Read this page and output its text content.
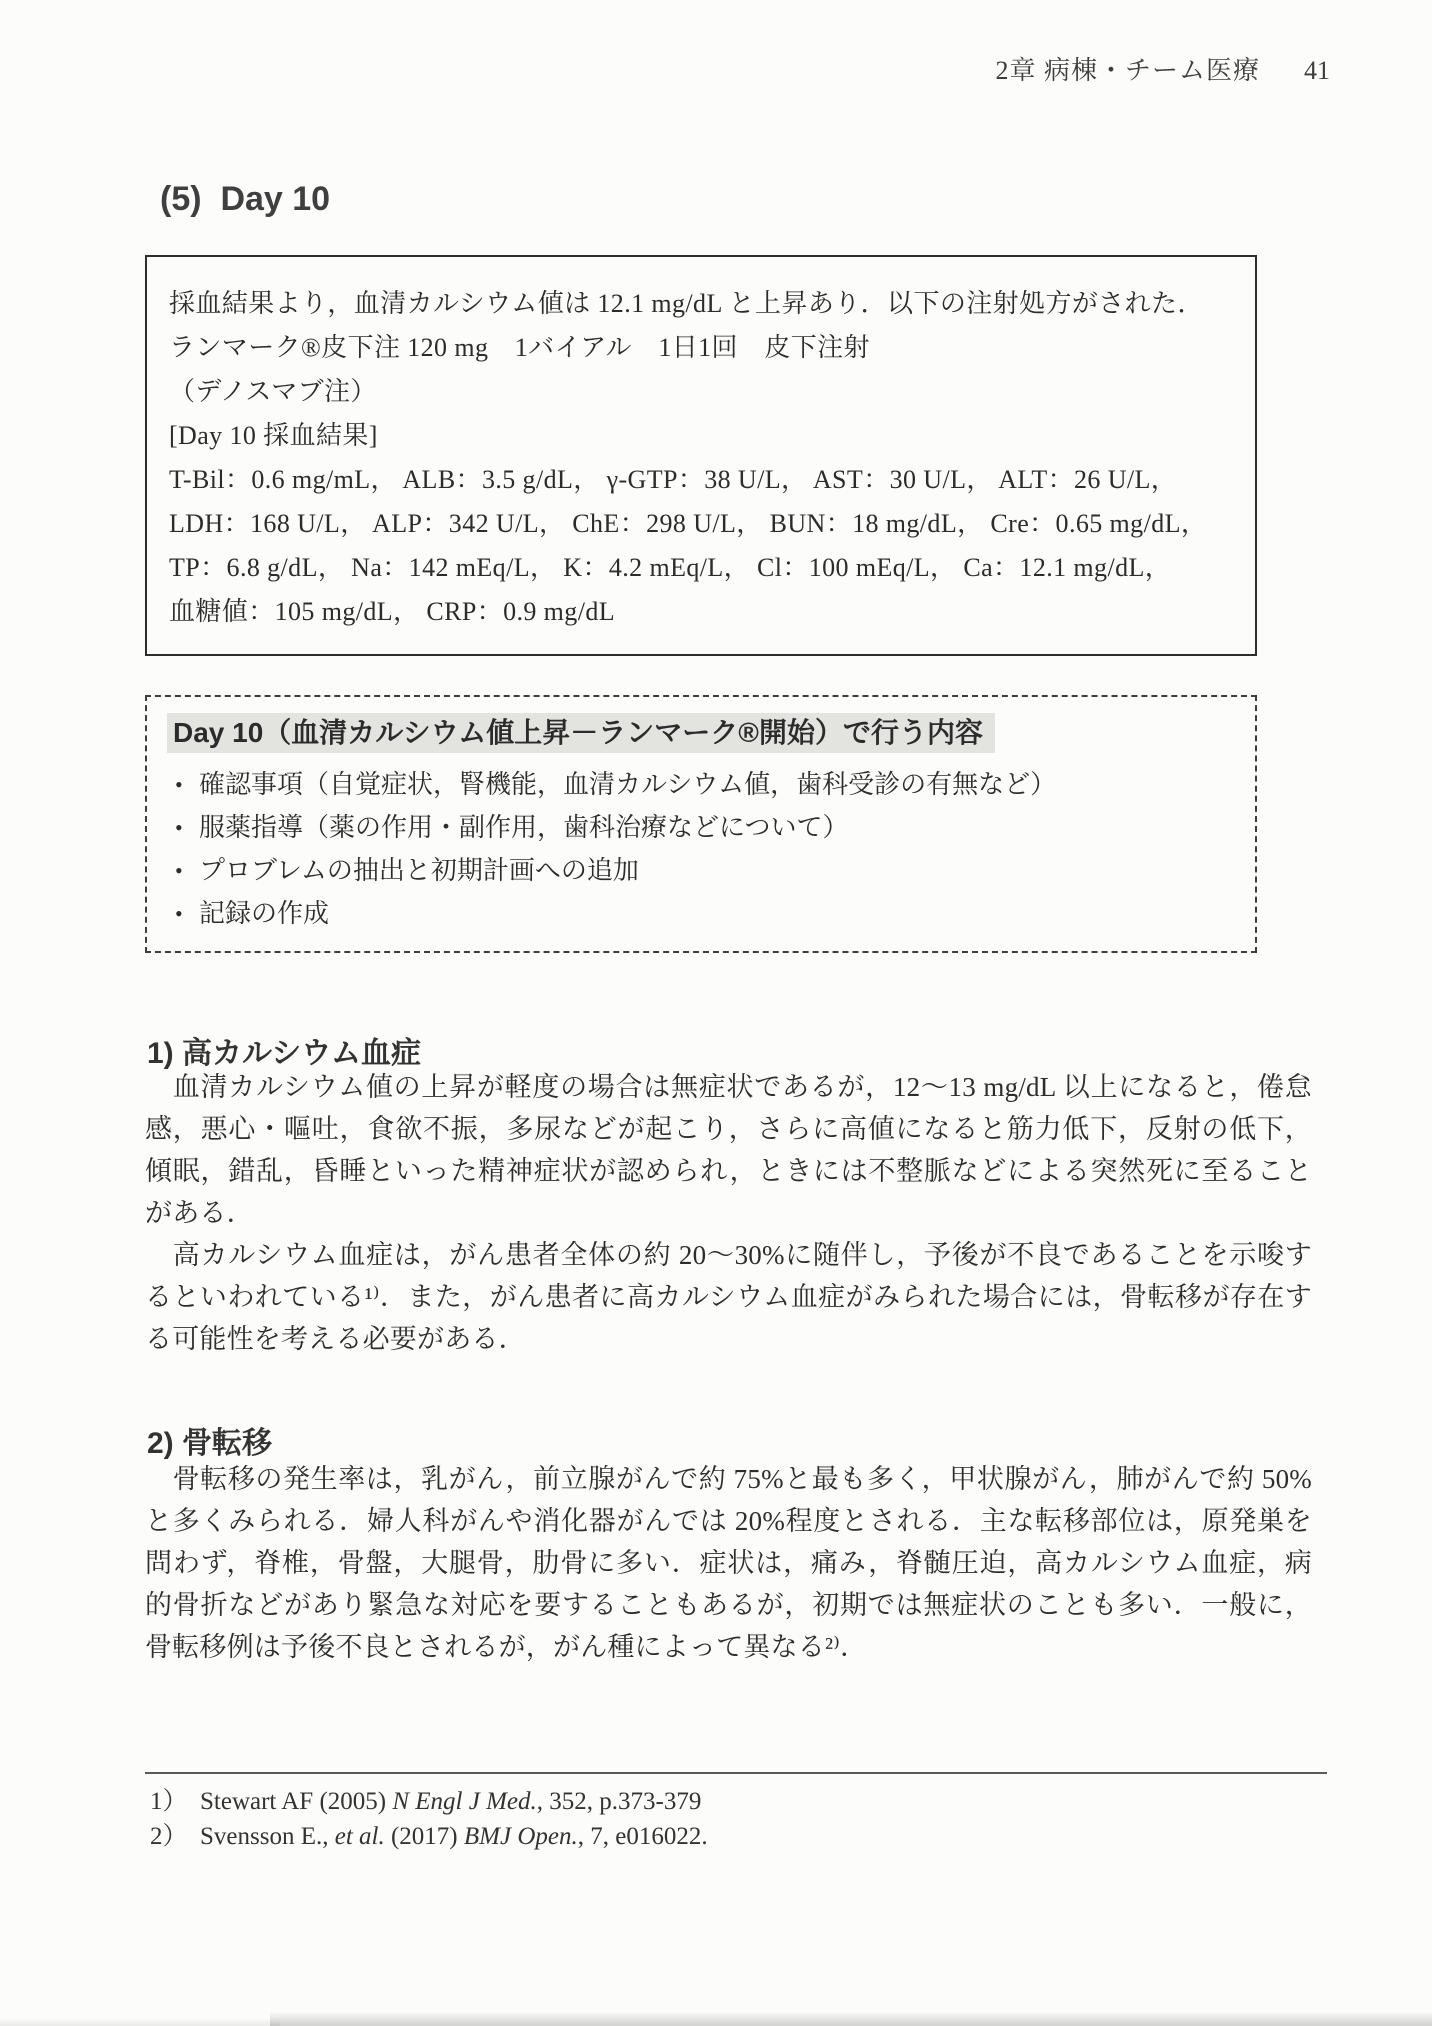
2章 病棟・チーム医療 41
(5)  Day 10
採血結果より，血清カルシウム値は 12.1 mg/dL と上昇あり．以下の注射処方がされた．
ランマーク®皮下注 120 mg　1バイアル　1日1回　皮下注射
（デノスマブ注）
[Day 10 採血結果]
T-Bil：0.6 mg/mL， ALB：3.5 g/dL， γ-GTP：38 U/L， AST：30 U/L， ALT：26 U/L，
LDH：168 U/L， ALP：342 U/L， ChE：298 U/L， BUN：18 mg/dL， Cre：0.65 mg/dL，
TP：6.8 g/dL， Na：142 mEq/L， K：4.2 mEq/L， Cl：100 mEq/L， Ca：12.1 mg/dL，
血糖値：105 mg/dL， CRP：0.9 mg/dL
Day 10（血清カルシウム値上昇－ランマーク®開始）で行う内容
• 確認事項（自覚症状，腎機能，血清カルシウム値，歯科受診の有無など）
• 服薬指導（薬の作用・副作用，歯科治療などについて）
• プロブレムの抽出と初期計画への追加
• 記録の作成
1) 高カルシウム血症

　血清カルシウム値の上昇が軽度の場合は無症状であるが，12～13 mg/dL 以上になると，倦怠感，悪心・嘔吐，食欲不振，多尿などが起こり，さらに高値になると筋力低下，反射の低下，傾眠，錯乱，昏睡といった精神症状が認められ，ときには不整脈などによる突然死に至ることがある．

　高カルシウム血症は，がん患者全体の約 20～30%に随伴し，予後が不良であることを示唆するといわれている¹⁾．また，がん患者に高カルシウム血症がみられた場合には，骨転移が存在する可能性を考える必要がある．

2) 骨転移

　骨転移の発生率は，乳がん，前立腺がんで約 75%と最も多く，甲状腺がん，肺がんで約 50%と多くみられる．婦人科がんや消化器がんでは 20%程度とされる．主な転移部位は，原発巣を問わず，脊椎，骨盤，大腿骨，肋骨に多い．症状は，痛み，脊髄圧迫，高カルシウム血症，病的骨折などがあり緊急な対応を要することもあるが，初期では無症状のことも多い．一般に，骨転移例は予後不良とされるが，がん種によって異なる²⁾．

1） Stewart AF (2005) N Engl J Med., 352, p.373-379
2） Svensson E., et al. (2017) BMJ Open., 7, e016022.
